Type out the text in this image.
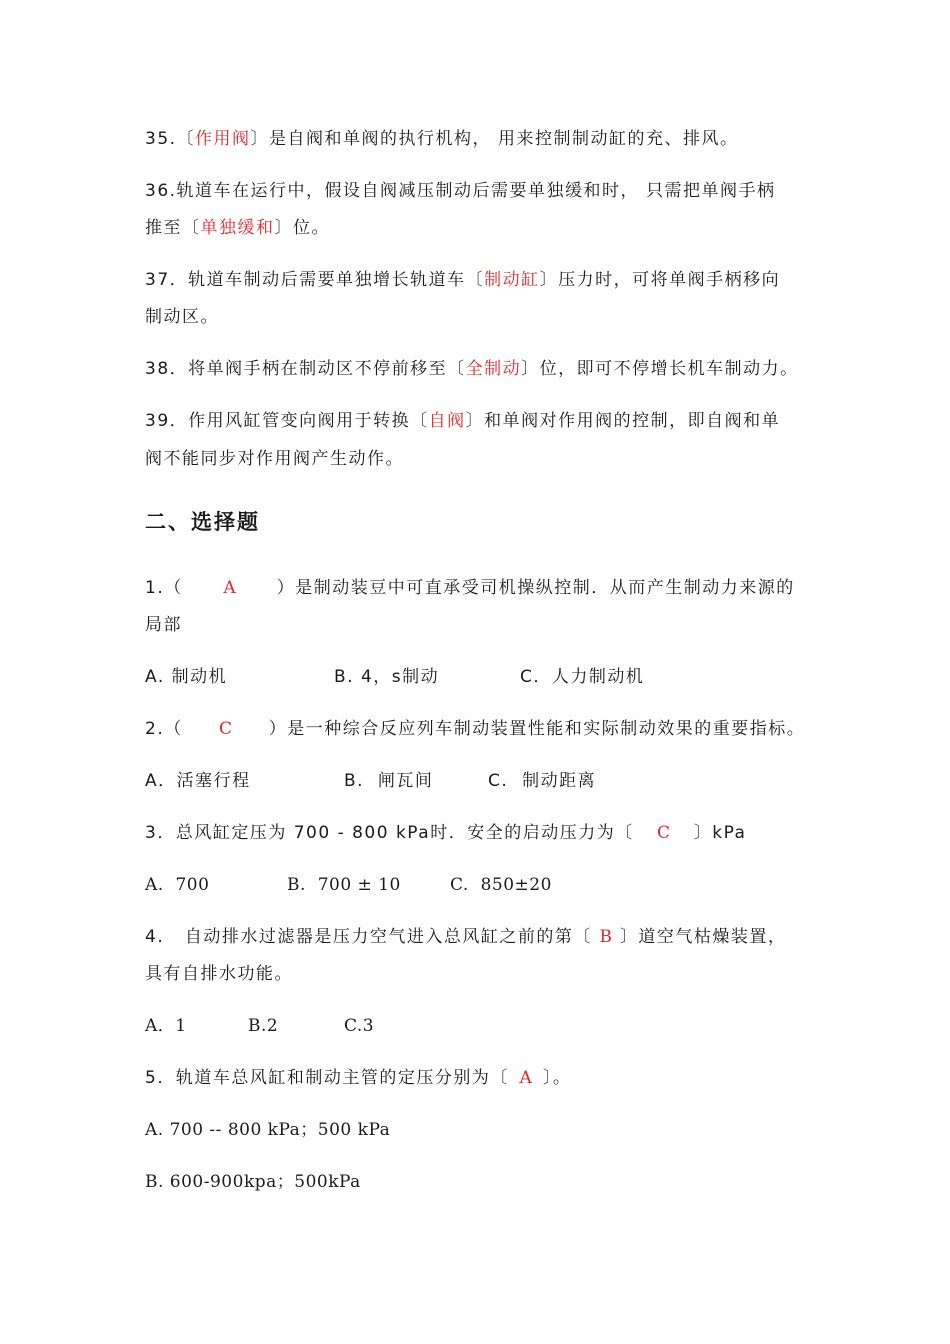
35.〔作用阀〕是自阀和单阀的执行机构， 用来控制制动缸的充、排风。
36.轨道车在运行中，假设自阀减压制动后需要单独缓和时， 只需把单阀手柄
推至〔单独缓和〕位。
37．轨道车制动后需要单独增长轨道车〔制动缸〕压力时，可将单阀手柄移向
制动区。
38．将单阀手柄在制动区不停前移至〔全制动〕位，即可不停增长机车制动力。
39．作用风缸管变向阀用于转换〔自阀〕和单阀对作用阀的控制，即自阀和单
阀不能同步对作用阀产生动作。
二、选择题
1.（ A ）是制动装豆中可直承受司机操纵控制．从而产生制动力来源的
局部
A. 制动机	B. 4，s制动	C．人力制动机
2.（ C ）是一种综合反应列车制动装置性能和实际制动效果的重要指标。
A．活塞行程	B.  闸瓦间	C.  制动距离
3．总风缸定压为 700 - 800 kPa时．安全的启动压力为〔 C 〕kPa
A.  700	B.  700 ± 10	C.  850±20
4.   自动排水过滤器是压力空气进入总风缸之前的第〔 B 〕道空气枯燥装置，
具有自排水功能。
A．1	B.2	C.3
5．轨道车总风缸和制动主管的定压分别为〔 A 〕。
A. 700 -- 800 kPa；500 kPa
B. 600-900kpa；500kPa
